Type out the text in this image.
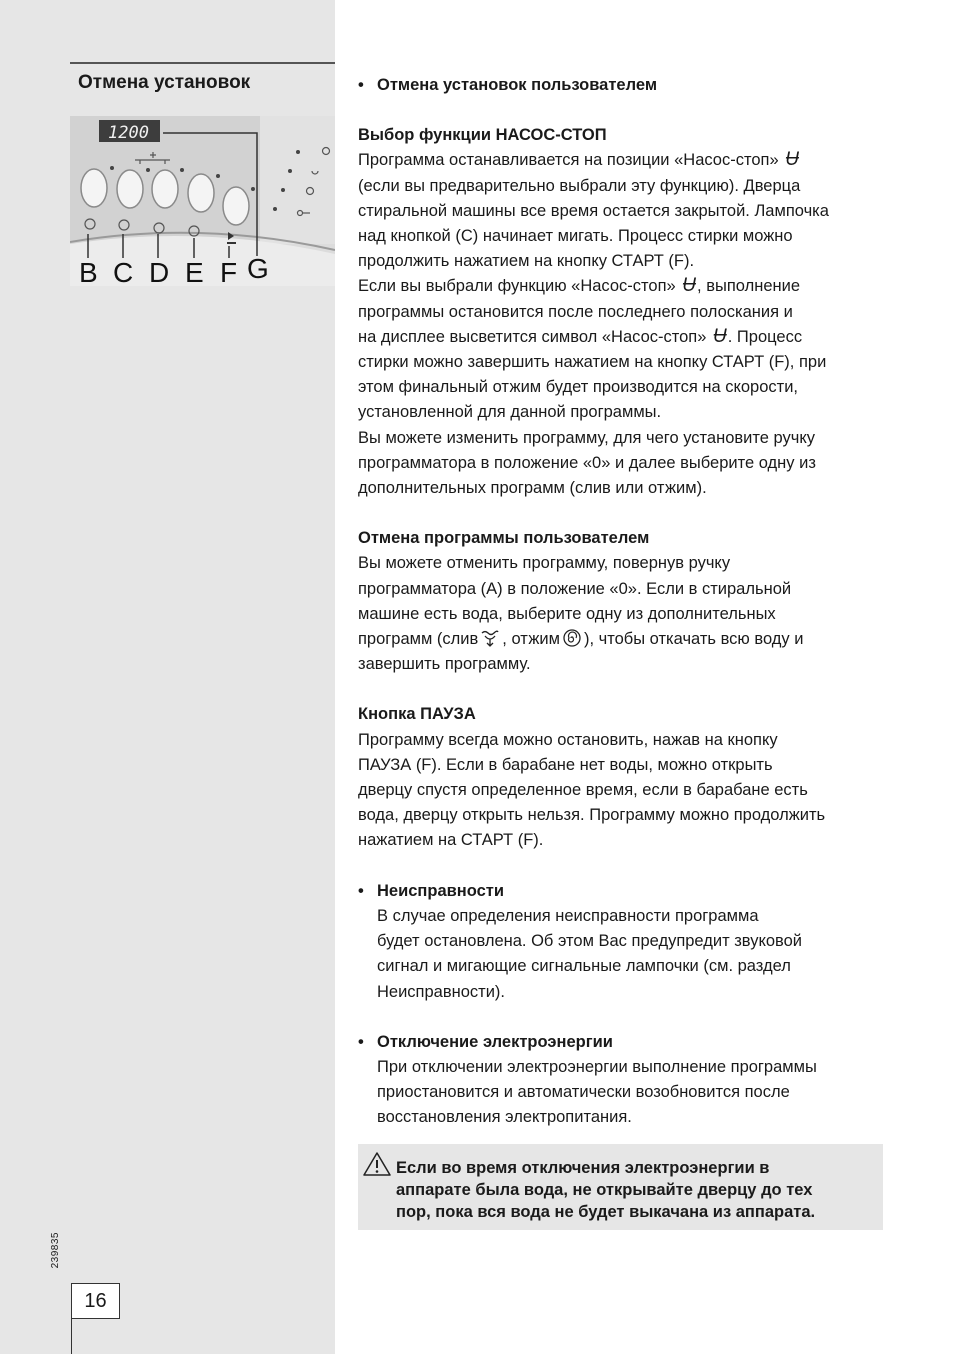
Отмена установок
1200
B C D E F G
239835
16

• Отмена установок пользователем

Выбор функции НАСОС-СТОП

Программа останавливается на позиции «Насос-стоп» Ʉ

(если вы предварительно выбрали эту функцию). Дверца

стиральной машины все время остается закрытой. Лампочка

над кнопкой (С) начинает мигать. Процесс стирки можно

продолжить нажатием на кнопку СТАРТ (F).

Если вы выбрали функцию «Насос-стоп» Ʉ , выполнение

программы остановится после последнего полоскания и

на дисплее высветится символ «Насос-стоп» Ʉ . Процесс

стирки можно завершить нажатием на кнопку СТАРТ (F), при

этом финальный отжим будет производится на скорости,

установленной для данной программы.

Вы можете изменить программу, для чего установите ручку

программатора в положение «0» и далее выберите одну из

дополнительных программ (слив или отжим).

Отмена программы пользователем

Вы можете отменить программу, повернув ручку

программатора (А) в положение «0». Если в стиральной

машине есть вода, выберите одну из дополнительных

программ (слив , отжим ), чтобы откачать всю воду и

завершить программу.

Кнопка ПАУЗА

Программу всегда можно остановить, нажав на кнопку

ПАУЗА (F). Если в барабане нет воды, можно открыть

дверцу спустя определенное время, если в барабане есть

вода, дверцу открыть нельзя. Программу можно продолжить

нажатием на СТАРТ (F).

• Неисправности

В случае определения неисправности программа

будет остановлена. Об этом Вас предупредит звуковой

сигнал и мигающие сигнальные лампочки (см. раздел

Неисправности).

• Отключение электроэнергии

При отключении электроэнергии выполнение программы

приостановится и автоматически возобновится после

восстановления электропитания.

Если во время отключения электроэнергии в
аппарате была вода, не открывайте дверцу до тех
пор, пока вся вода не будет выкачана из аппарата.
